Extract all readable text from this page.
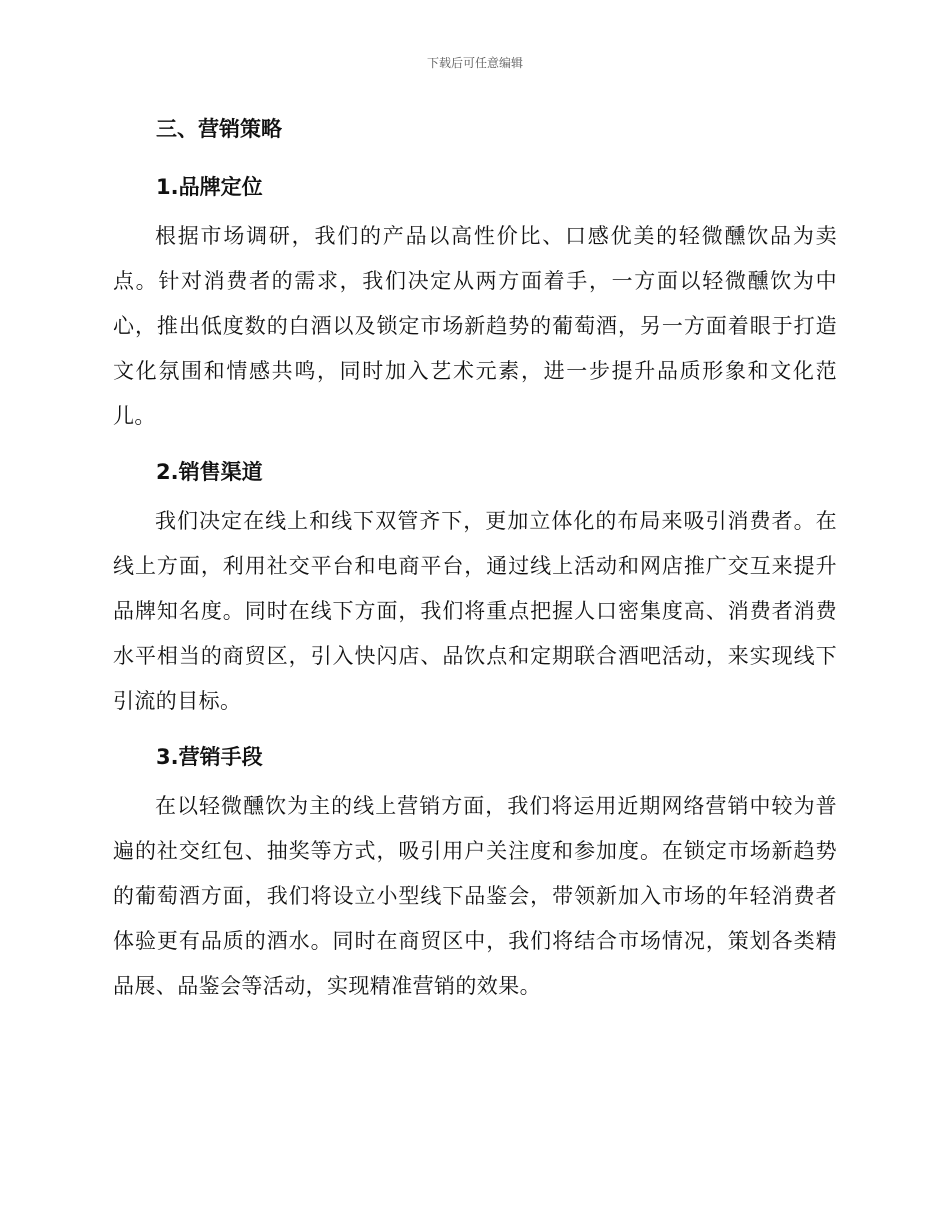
下载后可任意编辑
三、营销策略
1.品牌定位

根据市场调研，我们的产品以高性价比、口感优美的轻微醺饮品为卖点。针对消费者的需求，我们决定从两方面着手，一方面以轻微醺饮为中心，推出低度数的白酒以及锁定市场新趋势的葡萄酒，另一方面着眼于打造文化氛围和情感共鸣，同时加入艺术元素，进一步提升品质形象和文化范儿。

2.销售渠道

我们决定在线上和线下双管齐下，更加立体化的布局来吸引消费者。在线上方面，利用社交平台和电商平台，通过线上活动和网店推广交互来提升品牌知名度。同时在线下方面，我们将重点把握人口密集度高、消费者消费水平相当的商贸区，引入快闪店、品饮点和定期联合酒吧活动，来实现线下引流的目标。

3.营销手段

在以轻微醺饮为主的线上营销方面，我们将运用近期网络营销中较为普遍的社交红包、抽奖等方式，吸引用户关注度和参加度。在锁定市场新趋势的葡萄酒方面，我们将设立小型线下品鉴会，带领新加入市场的年轻消费者体验更有品质的酒水。同时在商贸区中，我们将结合市场情况，策划各类精品展、品鉴会等活动，实现精准营销的效果。
